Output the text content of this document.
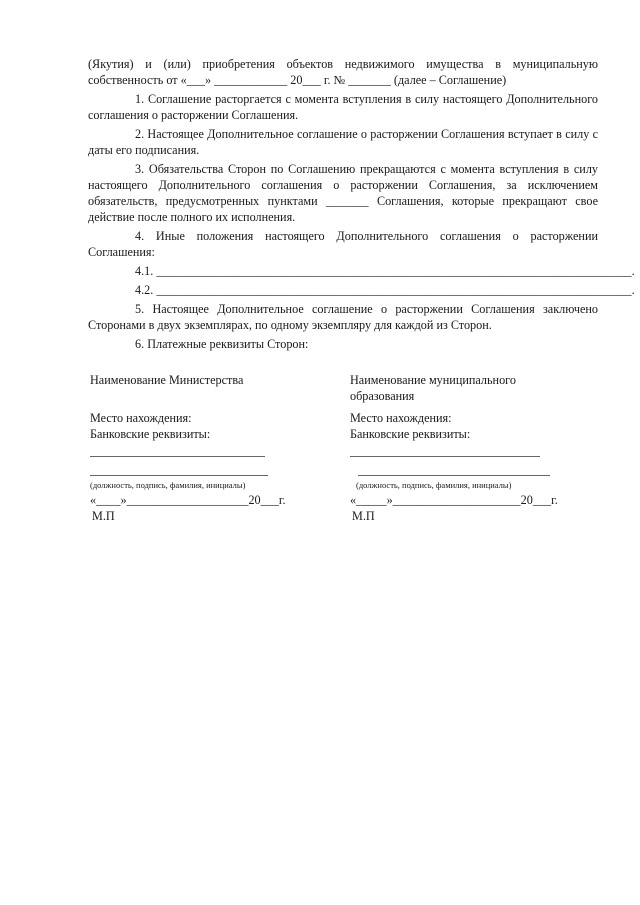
(Якутия) и (или) приобретения объектов недвижимого имущества в муниципальную собственность от «___» ____________ 20___ г. № _______ (далее – Соглашение)

1. Соглашение расторгается с момента вступления в силу настоящего Дополнительного соглашения о расторжении Соглашения.

2. Настоящее Дополнительное соглашение о расторжении Соглашения вступает в силу с даты его подписания.

3. Обязательства Сторон по Соглашению прекращаются с момента вступления в силу настоящего Дополнительного соглашения о расторжении Соглашения, за исключением обязательств, предусмотренных пунктами _______ Соглашения, которые прекращают свое действие после полного их исполнения.

4. Иные положения настоящего Дополнительного соглашения о расторжении Соглашения:

4.1. ______________________________________________________________________________.

4.2. ______________________________________________________________________________.

5. Настоящее Дополнительное соглашение о расторжении Соглашения заключено Сторонами в двух экземплярах, по одному экземпляру для каждой из Сторон.

6. Платежные реквизиты Сторон:

Наименование Министерства

Место нахождения:

Банковские реквизиты:

(должность, подпись, фамилия, инициалы)

«____»____________________20___г.

М.П

Наименование муниципального

образования

Место нахождения:

Банковские реквизиты:

(должность, подпись, фамилия, инициалы)

«_____»_____________________20___г.

М.П
